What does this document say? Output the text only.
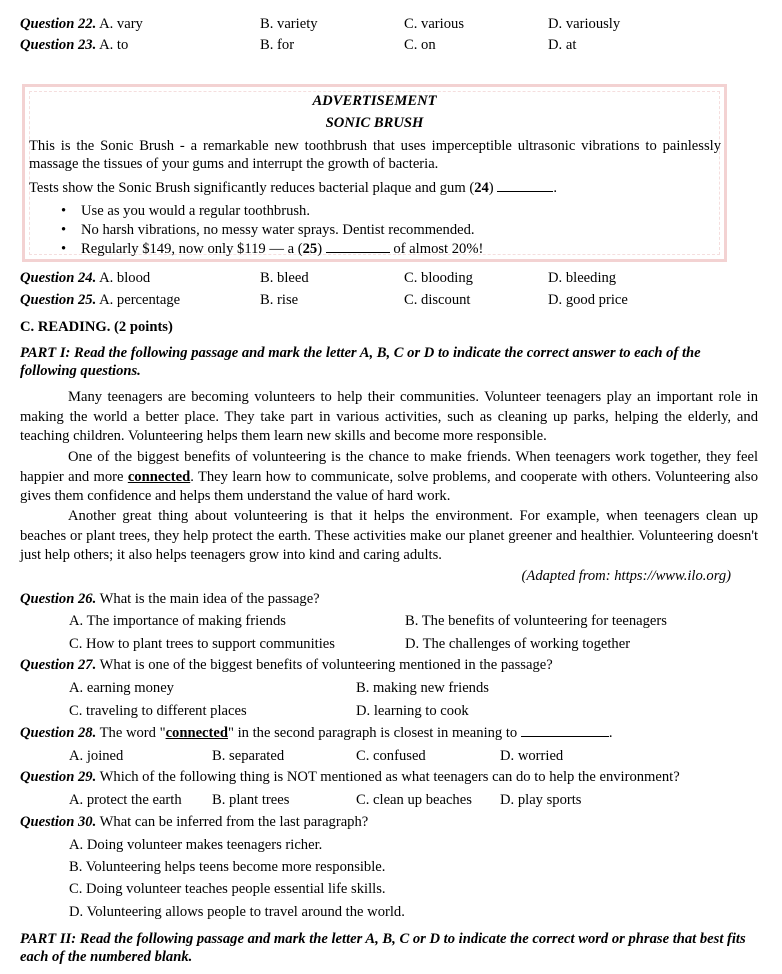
Question 22. A. vary	B. variety	C. various	D. variously
Question 23. A. to	B. for	C. on	D. at
ADVERTISEMENT
SONIC BRUSH
This is the Sonic Brush - a remarkable new toothbrush that uses imperceptible ultrasonic vibrations to painlessly massage the tissues of your gums and interrupt the growth of bacteria.
Tests show the Sonic Brush significantly reduces bacterial plaque and gum (24)	.
• Use as you would a regular toothbrush.
• No harsh vibrations, no messy water sprays. Dentist recommended.
• Regularly $149, now only $119 — a (25)	of almost 20%!
Question 24. A. blood	B. bleed	C. blooding	D. bleeding
Question 25. A. percentage	B. rise	C. discount	D. good price
C. READING. (2 points)
PART I: Read the following passage and mark the letter A, B, C or D to indicate the correct answer to each of the following questions.
Many teenagers are becoming volunteers to help their communities. Volunteer teenagers play an important role in making the world a better place. They take part in various activities, such as cleaning up parks, helping the elderly, and teaching children. Volunteering helps them learn new skills and become more responsible.
One of the biggest benefits of volunteering is the chance to make friends. When teenagers work together, they feel happier and more connected. They learn how to communicate, solve problems, and cooperate with others. Volunteering also gives them confidence and helps them understand the value of hard work.
Another great thing about volunteering is that it helps the environment. For example, when teenagers clean up beaches or plant trees, they help protect the earth. These activities make our planet greener and healthier. Volunteering doesn't just help others; it also helps teenagers grow into kind and caring adults.
(Adapted from: https://www.ilo.org)
Question 26. What is the main idea of the passage?
A. The importance of making friends	B. The benefits of volunteering for teenagers
C. How to plant trees to support communities	D. The challenges of working together
Question 27. What is one of the biggest benefits of volunteering mentioned in the passage?
A. earning money	B. making new friends
C. traveling to different places	D. learning to cook
Question 28. The word "connected" in the second paragraph is closest in meaning to	.
A. joined	B. separated	C. confused	D. worried
Question 29. Which of the following thing is NOT mentioned as what teenagers can do to help the environment?
A. protect the earth B. plant trees	C. clean up beaches D. play sports
Question 30. What can be inferred from the last paragraph?
A. Doing volunteer makes teenagers richer.
B. Volunteering helps teens become more responsible.
C. Doing volunteer teaches people essential life skills.
D. Volunteering allows people to travel around the world.
PART II: Read the following passage and mark the letter A, B, C or D to indicate the correct word or phrase that best fits each of the numbered blank.
